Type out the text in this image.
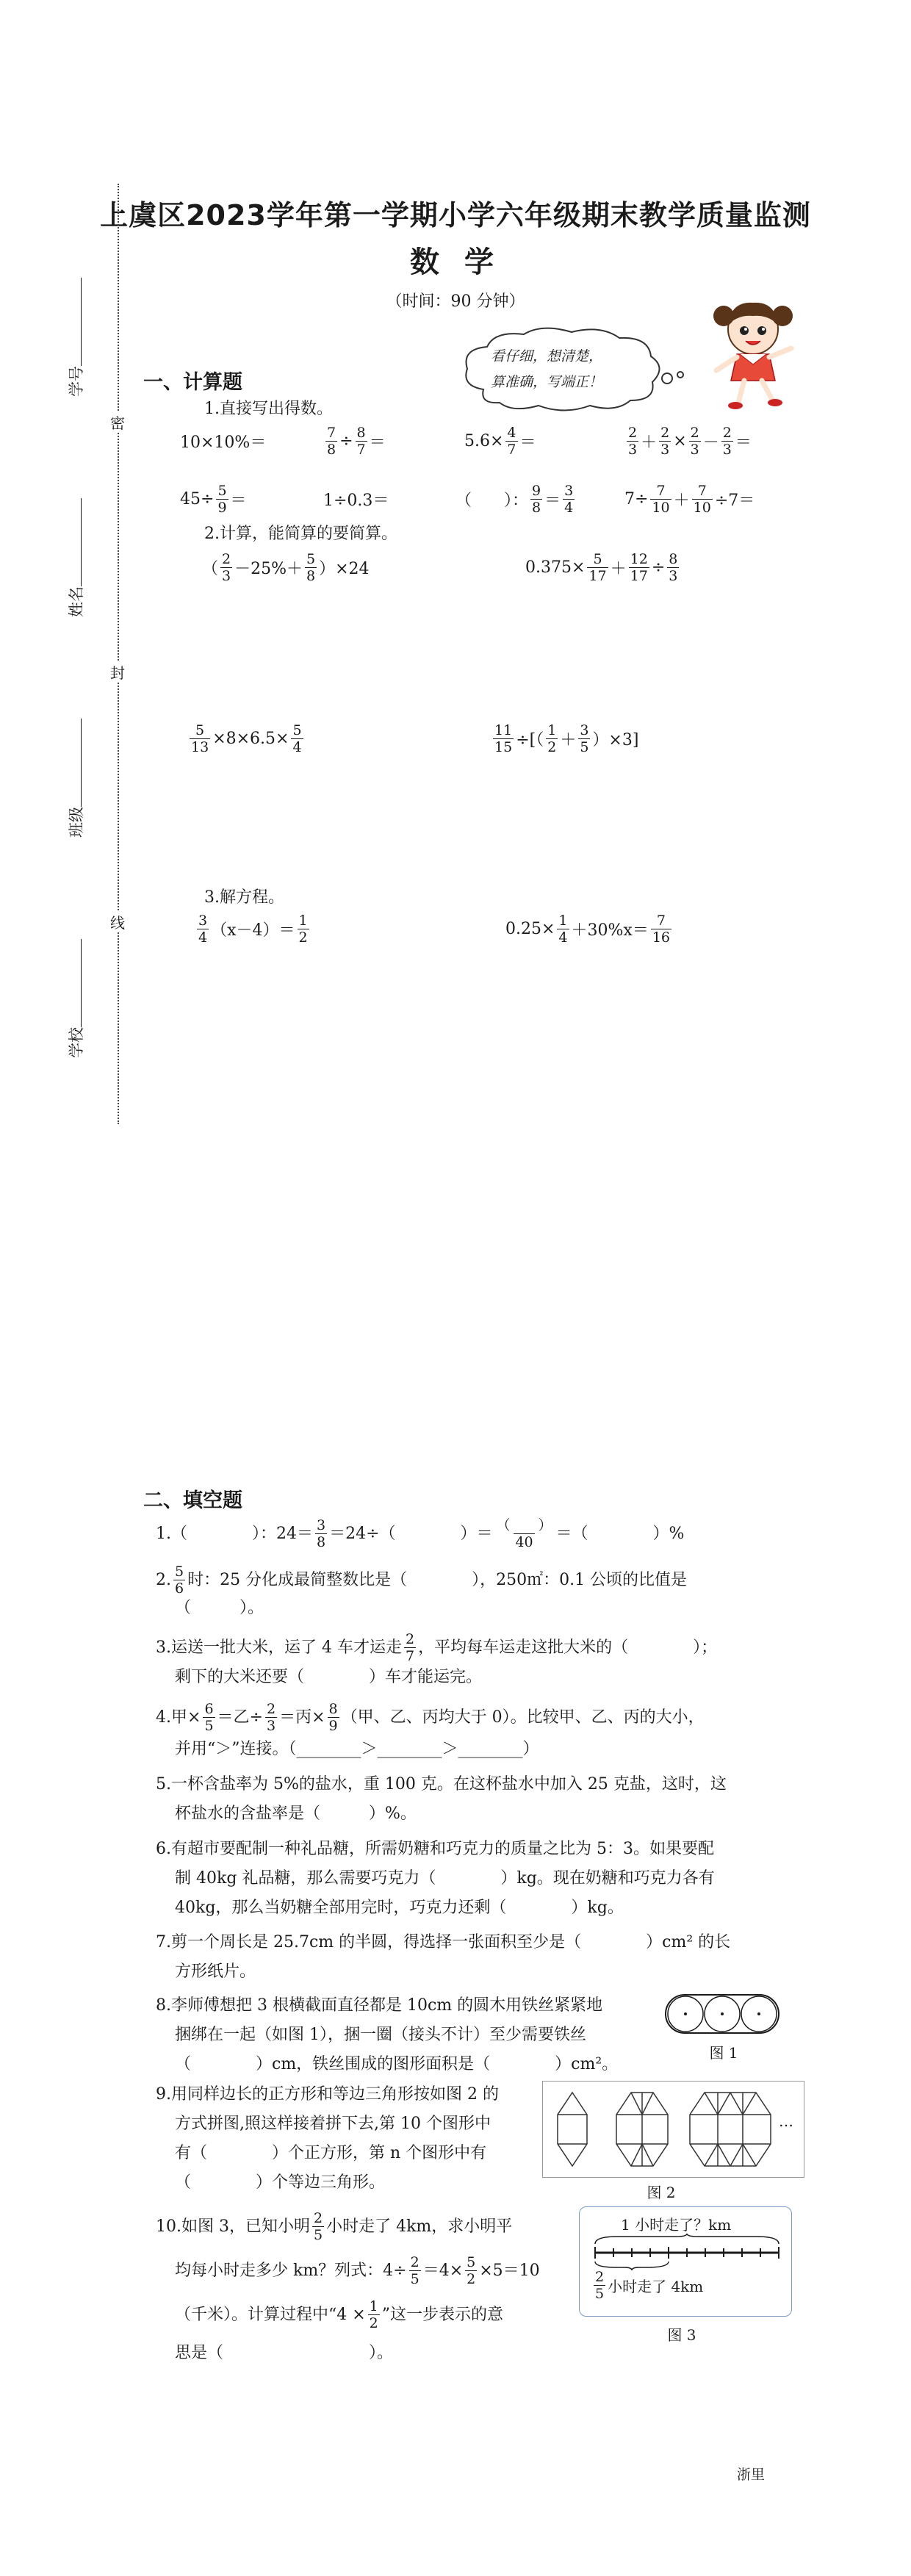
上虞区2023学年第一学期小学六年级期末教学质量监测
数 学
（时间：90 分钟）
看仔细，想清楚，
算准确，写端正！
学号
姓名
班级
学校
密
封
线
一、计算题
1.直接写出得数。
10×10%＝	$\frac{7}{8} \div \frac{8}{7}$ ＝	$5.6\times \frac{4}{7}$ ＝	$\frac{2}{3} + \frac{2}{3} \times \frac{2}{3} - \frac{2}{3}$ ＝
$45\div \frac{5}{9}$ ＝	1÷0.3＝	（　　）： $\frac{9}{8} = \frac{3}{4}$	$7\div \frac{7}{10} + \frac{7}{10} \div 7=$
2.计算，能简算的要简算。
（ $\frac{2}{3} -25\%+ \frac{5}{8} )\times 24$	$0.375\times \frac{5}{17} + \frac{12}{17} \div \frac{8}{3}$
$\frac{5}{13} \times 8\times 6.5\times \frac{5}{4}$	$\frac{11}{15}$ ÷[（ $\frac{1}{2} + \frac{3}{5} )\times 3$]
3.解方程。
$\frac{3}{4} (x-4)= \frac{1}{2}$	$0.25\times \frac{1}{4} +30\%x= \frac{7}{16}$
二、填空题
1.（　　　　）：$24= \frac{3}{8} =24\div$（　　　　）＝ $\frac{( )}{40}$ ＝（　　　　）%
2. $\frac{5}{6}$ 时：25 分化成最简整数比是（　　　　），250㎡：0.1 公顷的比值是
（　　　）。
3.运送一批大米，运了 4 车才运走 $\frac{2}{7}$ ，平均每车运走这批大米的（　　　　）；
剩下的大米还要（　　　　）车才能运完。
4.甲× $\frac{6}{5}$ ＝乙÷ $\frac{2}{3}$ ＝丙× $\frac{8}{9}$ （甲、乙、丙均大于 0）。比较甲、乙、丙的大小，
并用“＞”连接。（________＞________＞________）
5.一杯含盐率为 5%的盐水，重 100 克。在这杯盐水中加入 25 克盐，这时，这
杯盐水的含盐率是（　　　）%。
6.有超市要配制一种礼品糖，所需奶糖和巧克力的质量之比为 5：3。如果要配
制 40kg 礼品糖，那么需要巧克力（　　　　）kg。现在奶糖和巧克力各有
40kg，那么当奶糖全部用完时，巧克力还剩（　　　　）kg。
7.剪一个周长是 25.7cm 的半圆，得选择一张面积至少是（　　　　）cm² 的长
方形纸片。
8.李师傅想把 3 根横截面直径都是 10cm 的圆木用铁丝紧紧地
捆绑在一起（如图 1），捆一圈（接头不计）至少需要铁丝
（　　　　）cm，铁丝围成的图形面积是（　　　　）cm²。
图 1
9.用同样边长的正方形和等边三角形按如图 2 的
方式拼图,照这样接着拼下去,第 10 个图形中
有（　　　　）个正方形，第 n 个图形中有
（　　　　）个等边三角形。
…
图 2
10.如图 3，已知小明 $\frac{2}{5}$ 小时走了 4km，求小明平
均每小时走多少 km？列式：$4\div \frac{2}{5} =4\times \frac{5}{2} \times 5=10$
（千米）。计算过程中“$4 \times \frac{1}{2}$ ”这一步表示的意
思是（　　　　　　　　　）。
1 小时走了？km
$\frac{2}{5}$ 小时走了 4km
图 3
浙里
